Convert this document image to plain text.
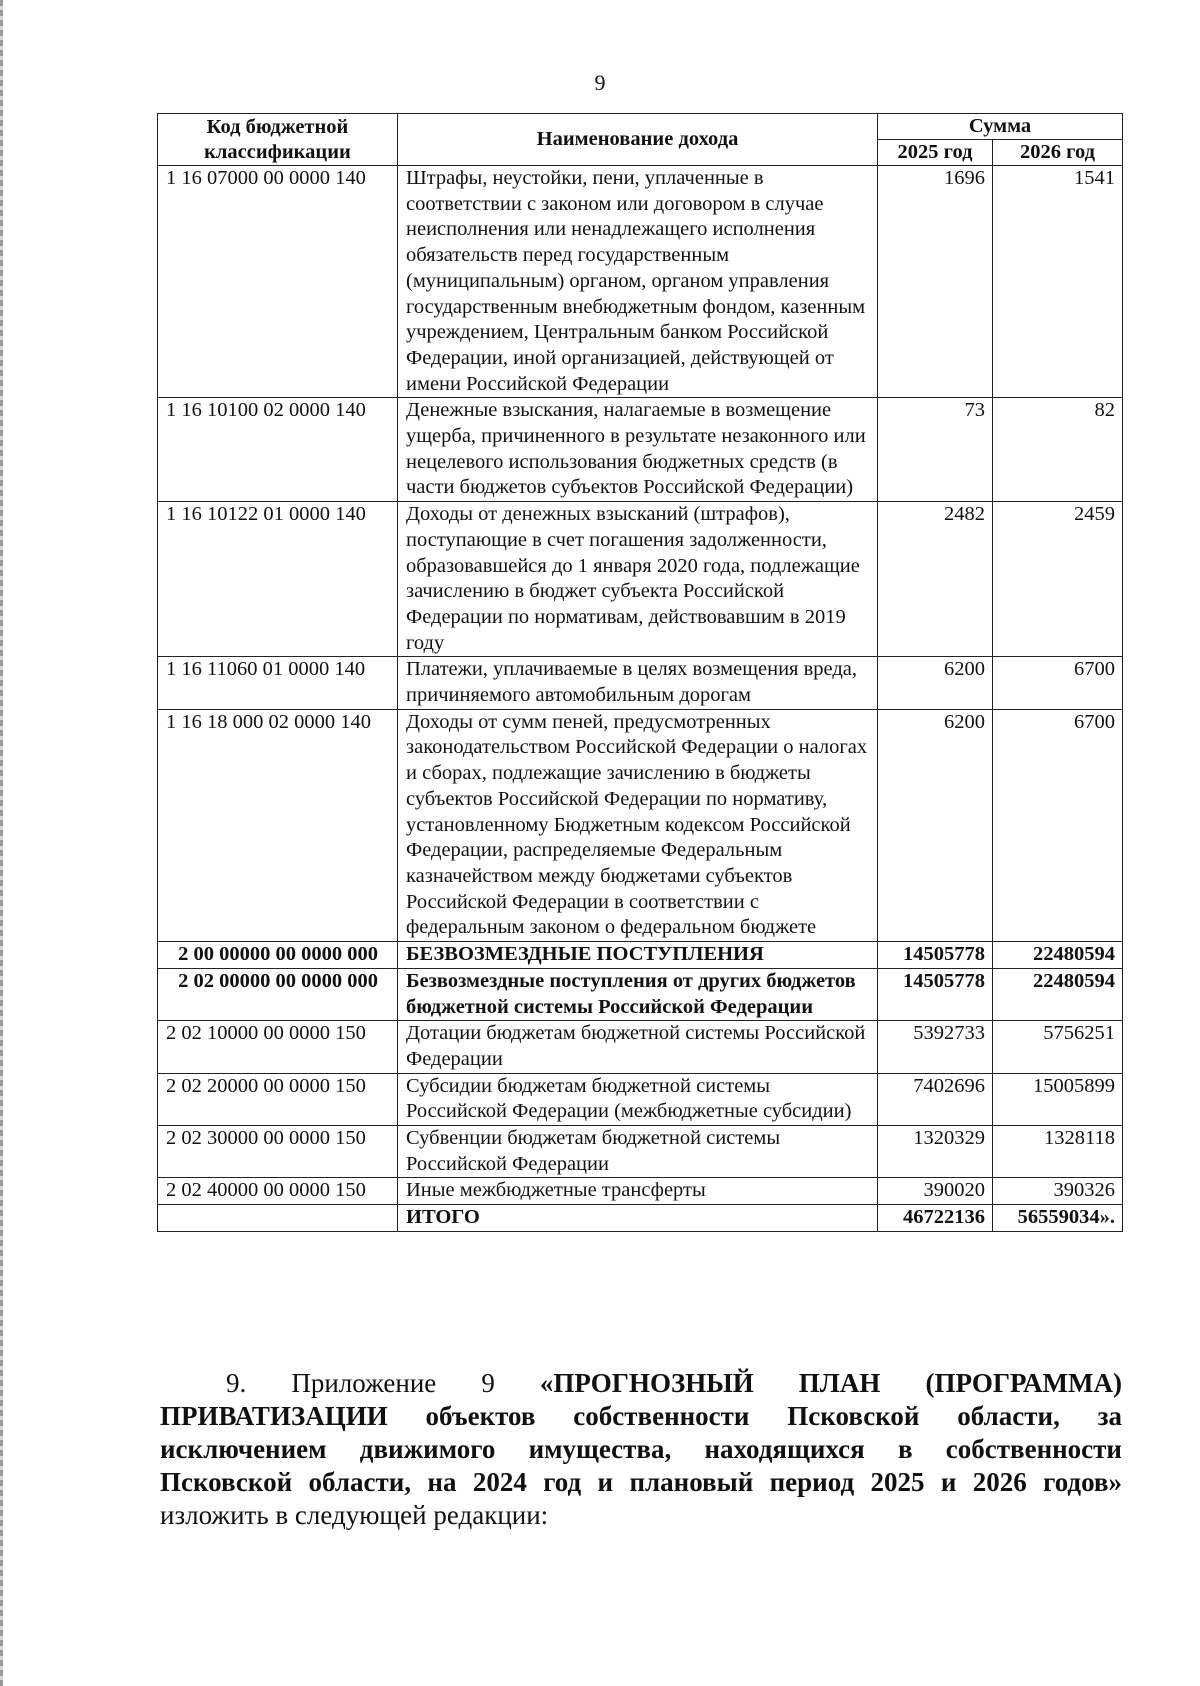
9
Код бюджетной классификации	Наименование дохода	Сумма	
		2025 год	2026 год
1 16 07000 00 0000 140	Штрафы, неустойки, пени, уплаченные в соответствии с законом или договором в случае неисполнения или ненадлежащего исполнения обязательств перед государственным (муниципальным) органом, органом управления государственным внебюджетным фондом, казенным учреждением, Центральным банком Российской Федерации, иной организацией, действующей от имени Российской Федерации	1696	1541
1 16 10100 02 0000 140	Денежные взыскания, налагаемые в возмещение ущерба, причиненного в результате незаконного или нецелевого использования бюджетных средств (в части бюджетов субъектов Российской Федерации)	73	82
1 16 10122 01 0000 140	Доходы от денежных взысканий (штрафов), поступающие в счет погашения задолженности, образовавшейся до 1 января 2020 года, подлежащие зачислению в бюджет субъекта Российской Федерации по нормативам, действовавшим в 2019 году	2482	2459
1 16 11060 01 0000 140	Платежи, уплачиваемые в целях возмещения вреда, причиняемого автомобильным дорогам	6200	6700
1 16 18 000 02 0000 140	Доходы от сумм пеней, предусмотренных законодательством Российской Федерации о налогах и сборах, подлежащие зачислению в бюджеты субъектов Российской Федерации по нормативу, установленному Бюджетным кодексом Российской Федерации, распределяемые Федеральным казначейством между бюджетами субъектов Российской Федерации в соответствии с федеральным законом о федеральном бюджете	6200	6700
2 00 00000 00 0000 000	БЕЗВОЗМЕЗДНЫЕ ПОСТУПЛЕНИЯ	14505778	22480594
2 02 00000 00 0000 000	Безвозмездные поступления от других бюджетов бюджетной системы Российской Федерации	14505778	22480594
2 02 10000 00 0000 150	Дотации бюджетам бюджетной системы Российской Федерации	5392733	5756251
2 02 20000 00 0000 150	Субсидии бюджетам бюджетной системы Российской Федерации (межбюджетные субсидии)	7402696	15005899
2 02 30000 00 0000 150	Субвенции бюджетам бюджетной системы Российской Федерации	1320329	1328118
2 02 40000 00 0000 150	Иные межбюджетные трансферты	390020	390326
	ИТОГО	46722136	56559034».
9. Приложение 9 «ПРОГНОЗНЫЙ ПЛАН (ПРОГРАММА) ПРИВАТИЗАЦИИ объектов собственности Псковской области, за исключением движимого имущества, находящихся в собственности Псковской области, на 2024 год и плановый период 2025 и 2026 годов» изложить в следующей редакции:
